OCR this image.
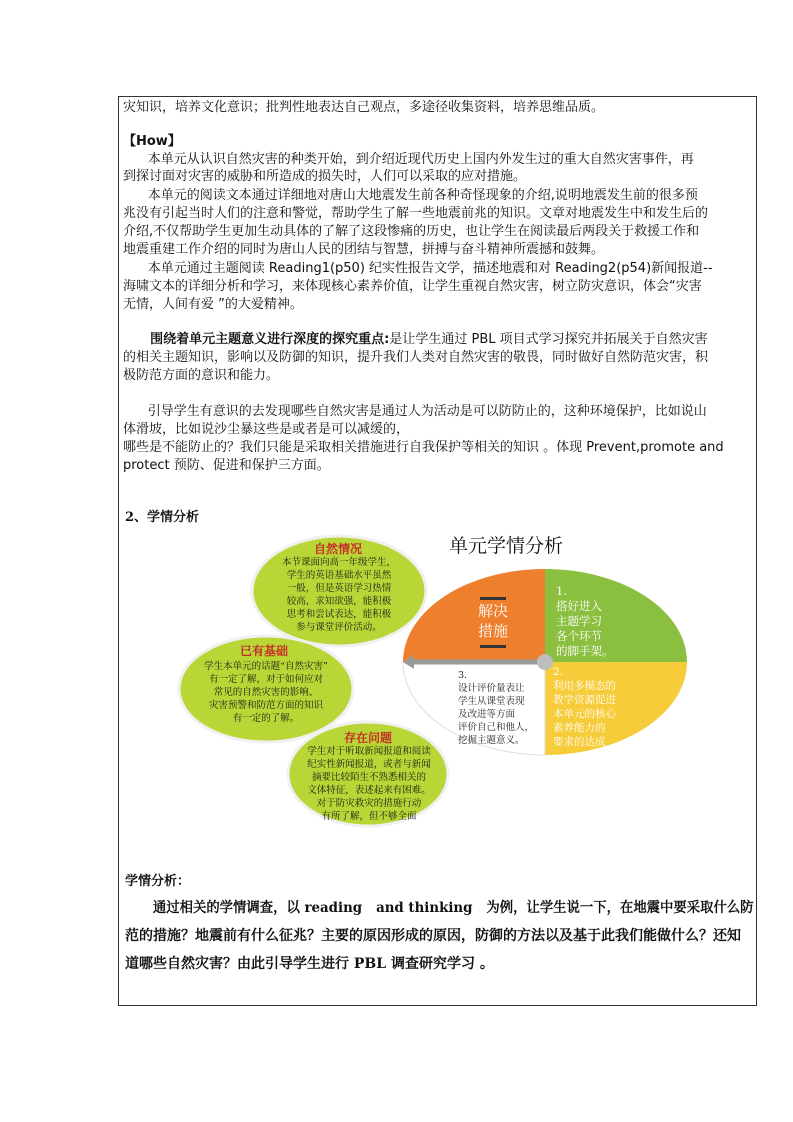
灾知识，培养文化意识；批判性地表达自己观点，多途径收集资料，培养思维品质。
【How】
本单元从认识自然灾害的种类开始，到介绍近现代历史上国内外发生过的重大自然灾害事件，再
到探讨面对灾害的威胁和所造成的损失时，人们可以采取的应对措施。
本单元的阅读文本通过详细地对唐山大地震发生前各种奇怪现象的介绍,说明地震发生前的很多预
兆没有引起当时人们的注意和警觉，帮助学生了解一些地震前兆的知识。文章对地震发生中和发生后的
介绍,不仅帮助学生更加生动具体的了解了这段惨痛的历史，也让学生在阅读最后两段关于救援工作和
地震重建工作介绍的同时为唐山人民的团结与智慧，拼搏与奋斗精神所震撼和鼓舞。
本单元通过主题阅读 Reading1(p50) 纪实性报告文学，描述地震和对 Reading2(p54)新闻报道--
海啸文本的详细分析和学习，来体现核心素养价值，让学生重视自然灾害，树立防灾意识，体会“灾害
无情，人间有爱 ”的大爱精神。
围绕着单元主题意义进行深度的探究重点:是让学生通过 PBL 项目式学习探究并拓展关于自然灾害
的相关主题知识，影响以及防御的知识，提升我们人类对自然灾害的敬畏，同时做好自然防范灾害，积
极防范方面的意识和能力。
引导学生有意识的去发现哪些自然灾害是通过人为活动是可以防防止的，这种环境保护，比如说山
体滑坡，比如说沙尘暴这些是或者是可以减缓的，
哪些是不能防止的？我们只能是采取相关措施进行自我保护等相关的知识 。体现 Prevent,promote and
protect 预防、促进和保护三方面。
2、学情分析
单元学情分析
自然情况
本节课面向高一年级学生，
学生的英语基础水平虽然
一般，但是英语学习热情
较高，求知欲强，能积极
思考和尝试表达，能积极
参与课堂评价活动。
已有基础
学生本单元的话题“自然灾害”
有一定了解，对于如何应对
常见的自然灾害的影响、
灾害预警和防范方面的知识
有一定的了解。
存在问题
学生对于听取新闻报道和阅读
纪实性新闻报道，或者与新闻
摘要比较陌生不熟悉相关的
文体特征，表述起来有困难。
对于防灾救灾的措施行动
有所了解，但不够全面
解决
措施
1.
搭好进入
主题学习
各个环节
的脚手架。
2.
利用多模态的
教学资源促进
本单元的核心
素养能力的
要求的达成
3.
设计评价量表让
学生从课堂表现
及改进等方面
评价自己和他人，
挖掘主题意义。
学情分析：
通过相关的学情调查，以 reading   and thinking   为例，让学生说一下，在地震中要采取什么防
范的措施？地震前有什么征兆？主要的原因形成的原因，防御的方法以及基于此我们能做什么？还知
道哪些自然灾害？由此引导学生进行 PBL 调查研究学习 。
